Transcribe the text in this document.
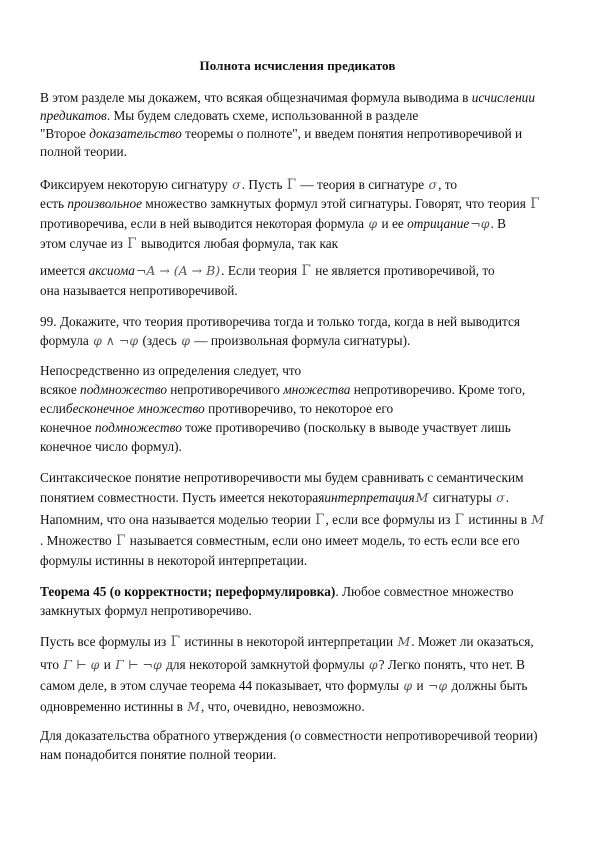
Полнота исчисления предикатов
В этом разделе мы докажем, что всякая общезначимая формула выводима в исчислении
предикатов. Мы будем следовать схеме, использованной в разделе
"Второе доказательство теоремы о полноте", и введем понятия непротиворечивой и
полной теории.
Фиксируем некоторую сигнатуру σ. Пусть Γ — теория в сигнатуре σ, то
есть произвольное множество замкнутых формул этой сигнатуры. Говорят, что теория Γ
противоречива, если в ней выводится некоторая формула φ и ее отрицание¬φ. В
этом случае из Γ выводится любая формула, так как
имеется аксиома¬A → (A → B). Если теория Γ не является противоречивой, то
она называется непротиворечивой.
99. Докажите, что теория противоречива тогда и только тогда, когда в ней выводится
формула φ ∧ ¬φ (здесь φ — произвольная формула сигнатуры).
Непосредственно из определения следует, что
всякое подмножество непротиворечивого множества непротиворечиво. Кроме того,
еслибесконечное множество противоречиво, то некоторое его
конечное подмножество тоже противоречиво (поскольку в выводе участвует лишь
конечное число формул).
Синтаксическое понятие непротиворечивости мы будем сравнивать с семантическим
понятием совместности. Пусть имеется некотораяинтерпретацияM сигнатуры σ.
Напомним, что она называется моделью теории Γ, если все формулы из Γ истинны в M
. Множество Γ называется совместным, если оно имеет модель, то есть если все его
формулы истинны в некоторой интерпретации.
Теорема 45 (о корректности; переформулировка). Любое совместное множество
замкнутых формул непротиворечиво.
Пусть все формулы из Γ истинны в некоторой интерпретации M. Может ли оказаться,
что Γ ⊢ φ и Γ ⊢ ¬φ для некоторой замкнутой формулы φ? Легко понять, что нет. В
самом деле, в этом случае теорема 44 показывает, что формулы φ и ¬φ должны быть
одновременно истинны в M, что, очевидно, невозможно.
Для доказательства обратного утверждения (о совместности непротиворечивой теории)
нам понадобится понятие полной теории.
